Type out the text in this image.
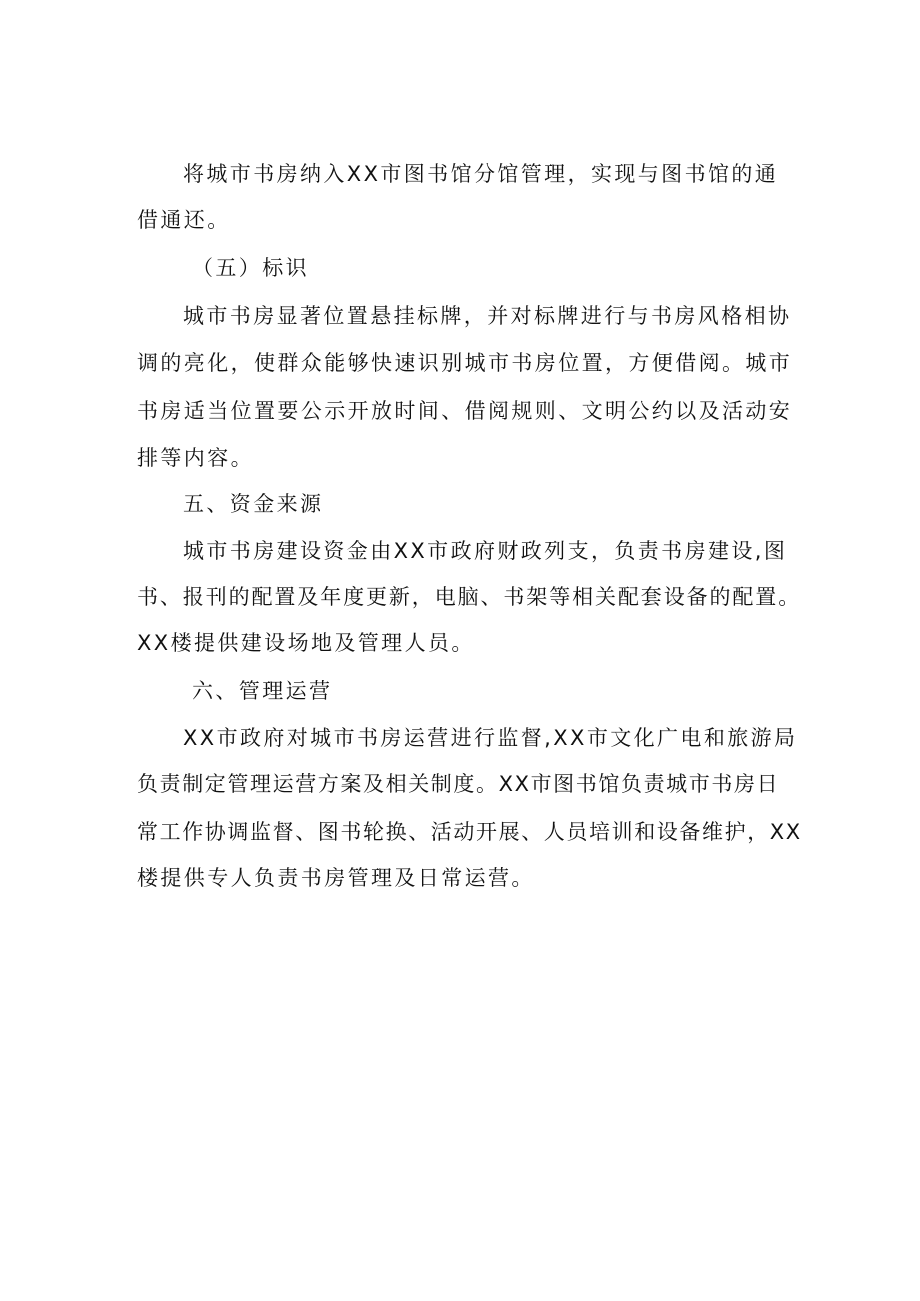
将城市书房纳入XX市图书馆分馆管理，实现与图书馆的通
借通还。
（五）标识
城市书房显著位置悬挂标牌，并对标牌进行与书房风格相协
调的亮化，使群众能够快速识别城市书房位置，方便借阅。城市
书房适当位置要公示开放时间、借阅规则、文明公约以及活动安
排等内容。
五、资金来源
城市书房建设资金由XX市政府财政列支，负责书房建设,图
书、报刊的配置及年度更新，电脑、书架等相关配套设备的配置。
XX楼提供建设场地及管理人员。
六、管理运营
XX市政府对城市书房运营进行监督,XX市文化广电和旅游局
负责制定管理运营方案及相关制度。XX市图书馆负责城市书房日
常工作协调监督、图书轮换、活动开展、人员培训和设备维护，XX
楼提供专人负责书房管理及日常运营。
